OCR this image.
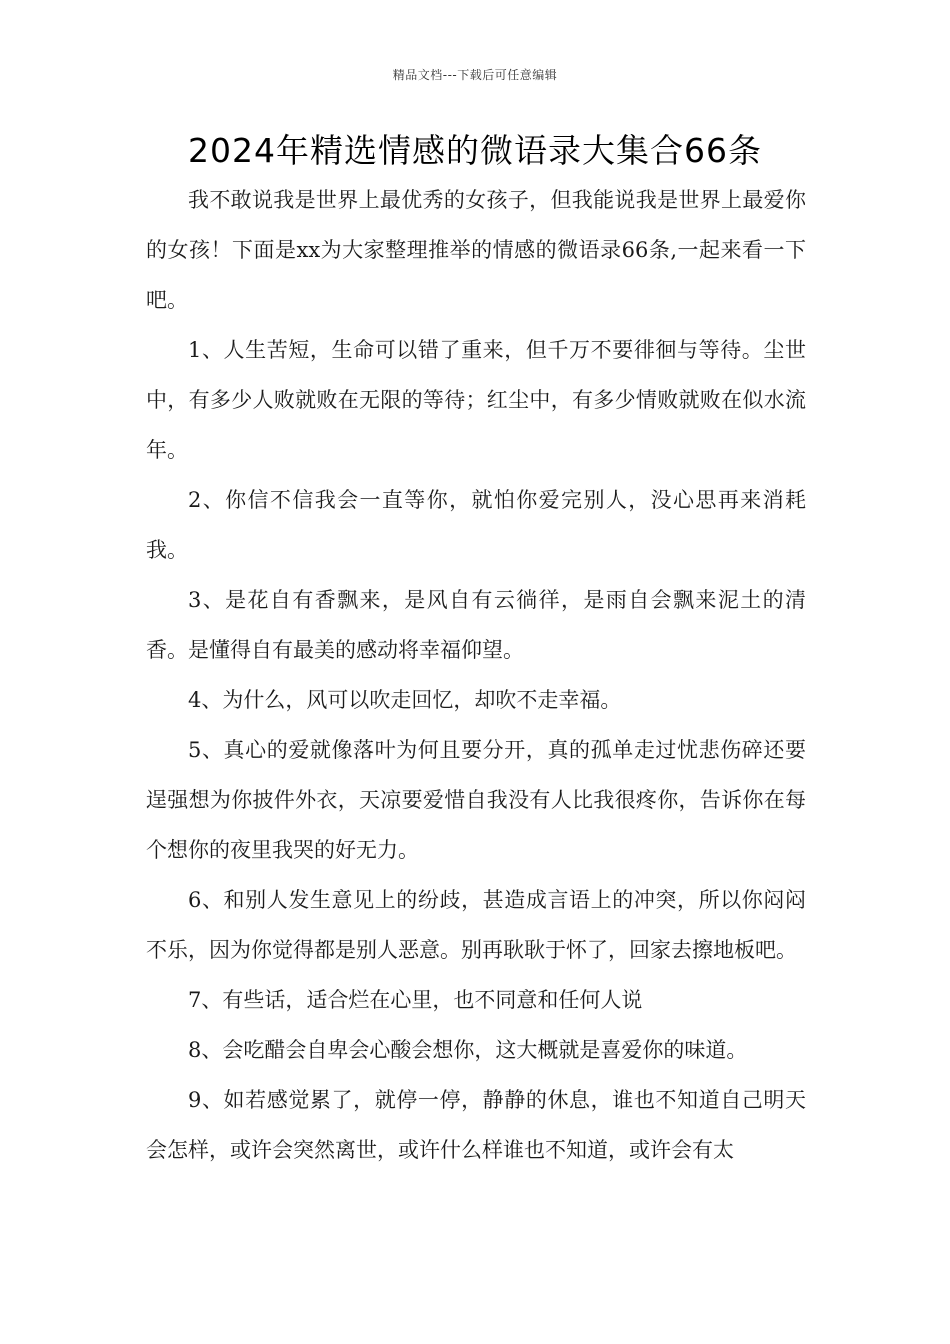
精品文档---下载后可任意编辑
2024年精选情感的微语录大集合66条

我不敢说我是世界上最优秀的女孩子，但我能说我是世界上最爱你的女孩！下面是xx为大家整理推举的情感的微语录66条,一起来看一下吧。

1、人生苦短，生命可以错了重来，但千万不要徘徊与等待。尘世中，有多少人败就败在无限的等待；红尘中，有多少情败就败在似水流年。

2、你信不信我会一直等你，就怕你爱完别人，没心思再来消耗我。

3、是花自有香飘来，是风自有云徜徉，是雨自会飘来泥土的清香。是懂得自有最美的感动将幸福仰望。

4、为什么，风可以吹走回忆，却吹不走幸福。

5、真心的爱就像落叶为何且要分开，真的孤单走过忧悲伤碎还要逞强想为你披件外衣，天凉要爱惜自我没有人比我很疼你，告诉你在每个想你的夜里我哭的好无力。

6、和别人发生意见上的纷歧，甚造成言语上的冲突，所以你闷闷不乐，因为你觉得都是别人恶意。别再耿耿于怀了，回家去擦地板吧。

7、有些话，适合烂在心里，也不同意和任何人说

8、会吃醋会自卑会心酸会想你，这大概就是喜爱你的味道。

9、如若感觉累了，就停一停，静静的休息，谁也不知道自己明天会怎样，或许会突然离世，或许什么样谁也不知道，或许会有太
